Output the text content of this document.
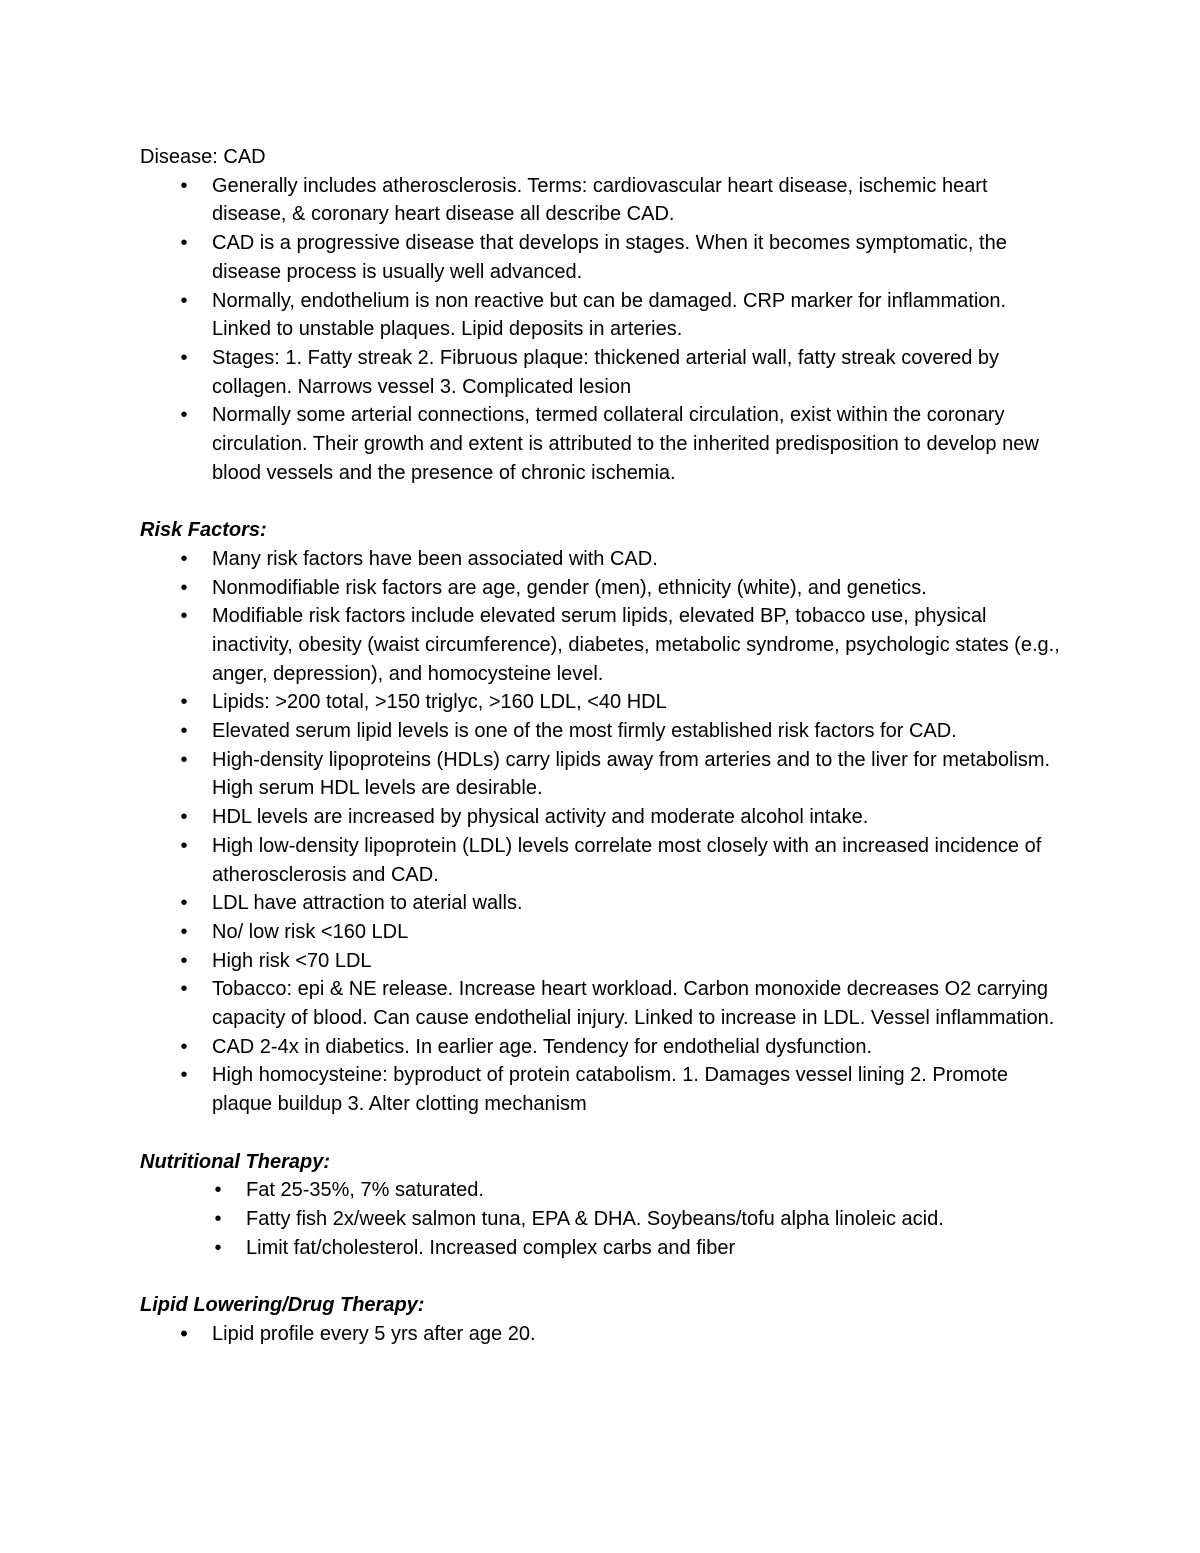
Disease: CAD

•	Generally includes atherosclerosis. Terms: cardiovascular heart disease, ischemic heart disease, & coronary heart disease all describe CAD.
•	CAD is a progressive disease that develops in stages. When it becomes symptomatic, the disease process is usually well advanced.
•	Normally, endothelium is non reactive but can be damaged. CRP marker for inflammation. Linked to unstable plaques. Lipid deposits in arteries.
•	Stages: 1. Fatty streak 2. Fibruous plaque: thickened arterial wall, fatty streak covered by collagen. Narrows vessel 3. Complicated lesion
•	Normally some arterial connections, termed collateral circulation, exist within the coronary circulation. Their growth and extent is attributed to the inherited predisposition to develop new blood vessels and the presence of chronic ischemia.

Risk Factors:

•	Many risk factors have been associated with CAD.
•	Nonmodifiable risk factors are age, gender (men), ethnicity (white), and genetics.
•	Modifiable risk factors include elevated serum lipids, elevated BP, tobacco use, physical inactivity, obesity (waist circumference), diabetes, metabolic syndrome, psychologic states (e.g., anger, depression), and homocysteine level.
•	Lipids: >200 total, >150 triglyc, >160 LDL, <40 HDL
•	Elevated serum lipid levels is one of the most firmly established risk factors for CAD.
•	High-density lipoproteins (HDLs) carry lipids away from arteries and to the liver for metabolism. High serum HDL levels are desirable.
•	HDL levels are increased by physical activity and moderate alcohol intake.
•	High low-density lipoprotein (LDL) levels correlate most closely with an increased incidence of atherosclerosis and CAD.
•	LDL have attraction to aterial walls.
•	No/ low risk <160 LDL
•	High risk <70 LDL
•	Tobacco: epi & NE release. Increase heart workload. Carbon monoxide decreases O2 carrying capacity of blood. Can cause endothelial injury. Linked to increase in LDL. Vessel inflammation.
•	CAD 2-4x in diabetics. In earlier age. Tendency for endothelial dysfunction.
•	High homocysteine: byproduct of protein catabolism. 1. Damages vessel lining 2. Promote plaque buildup 3. Alter clotting mechanism

Nutritional Therapy:

•	Fat 25-35%, 7% saturated.
•	Fatty fish 2x/week salmon tuna, EPA & DHA. Soybeans/tofu alpha linoleic acid.
•	Limit fat/cholesterol. Increased complex carbs and fiber

Lipid Lowering/Drug Therapy:

•	Lipid profile every 5 yrs after age 20.
